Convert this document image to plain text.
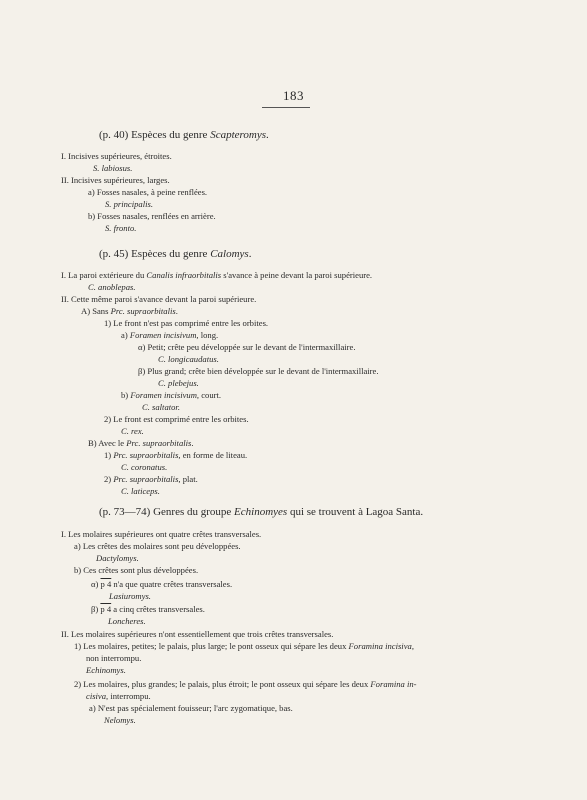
183
(p. 40) Espèces du genre Scapteromys.
I. Incisives supérieures, étroites.
S. labiosus.
II. Incisives supérieures, larges.
a) Fosses nasales, à peine renflées.
S. principalis.
b) Fosses nasales, renflées en arrière.
S. fronto.
(p. 45) Espèces du genre Calomys.
I. La paroi extérieure du Canalis infraorbitalis s'avance à peine devant la paroi supérieure.
C. anoblepas.
II. Cette même paroi s'avance devant la paroi supérieure.
A) Sans Prc. supraorbitalis.
1) Le front n'est pas comprimé entre les orbites.
a) Foramen incisivum, long.
α) Petit; crête peu développée sur le devant de l'intermaxillaire.
C. longicaudatus.
β) Plus grand; crête bien développée sur le devant de l'intermaxillaire.
C. plebejus.
b) Foramen incisivum, court.
C. saltator.
2) Le front est comprimé entre les orbites.
C. rex.
B) Avec le Prc. supraorbitalis.
1) Prc. supraorbitalis, en forme de liteau.
C. coronatus.
2) Prc. supraorbitalis, plat.
C. laticeps.
(p. 73—74) Genres du groupe Echinomyes qui se trouvent à Lagoa Santa.
I. Les molaires supérieures ont quatre crêtes transversales.
a) Les crêtes des molaires sont peu développées.
Dactylomys.
b) Ces crêtes sont plus développées.
α) p 4 n'a que quatre crêtes transversales.
Lasiuromys.
β) p 4 a cinq crêtes transversales.
Loncheres.
II. Les molaires supérieures n'ont essentiellement que trois crêtes transversales.
1) Les molaires, petites; le palais, plus large; le pont osseux qui sépare les deux Foramina incisiva,
non interrompu.
Echinomys.
2) Les molaires, plus grandes; le palais, plus étroit; le pont osseux qui sépare les deux Foramina in-
cisiva, interrompu.
a) N'est pas spécialement fouisseur; l'arc zygomatique, bas.
Nelomys.
